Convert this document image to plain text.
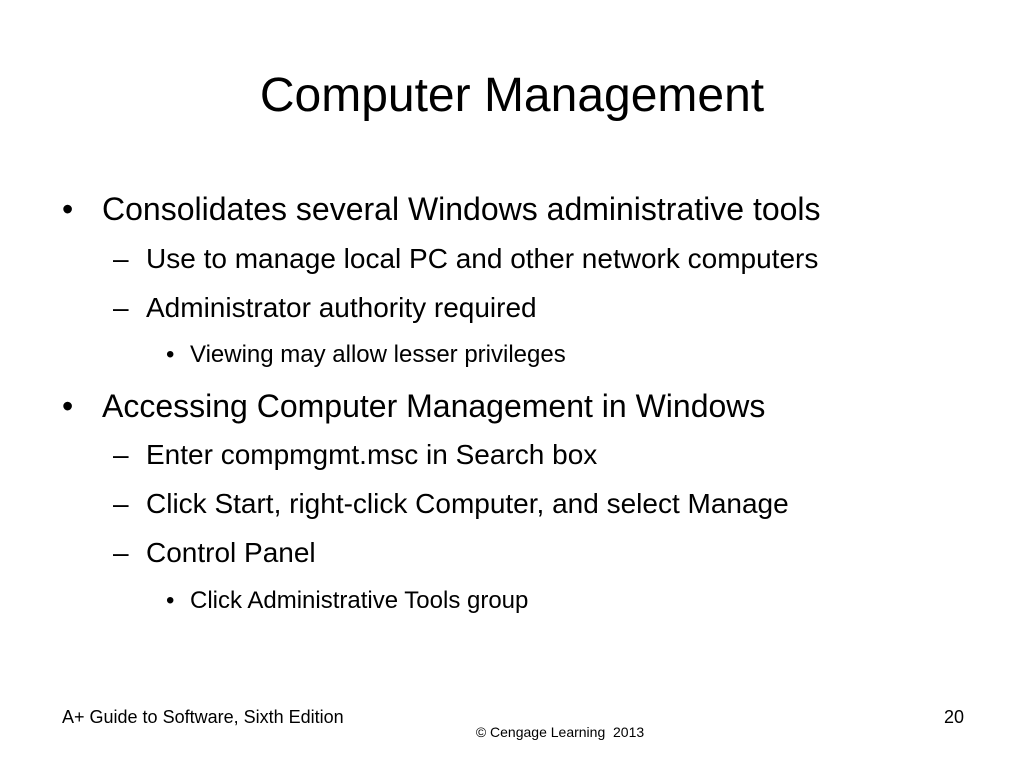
Computer Management
• Consolidates several Windows administrative tools
– Use to manage local PC and other network computers
– Administrator authority required
• Viewing may allow lesser privileges
• Accessing Computer Management in Windows
– Enter compmgmt.msc in Search box
– Click Start, right-click Computer, and select Manage
– Control Panel
• Click Administrative Tools group
A+ Guide to Software, Sixth Edition
© Cengage Learning  2013
20
